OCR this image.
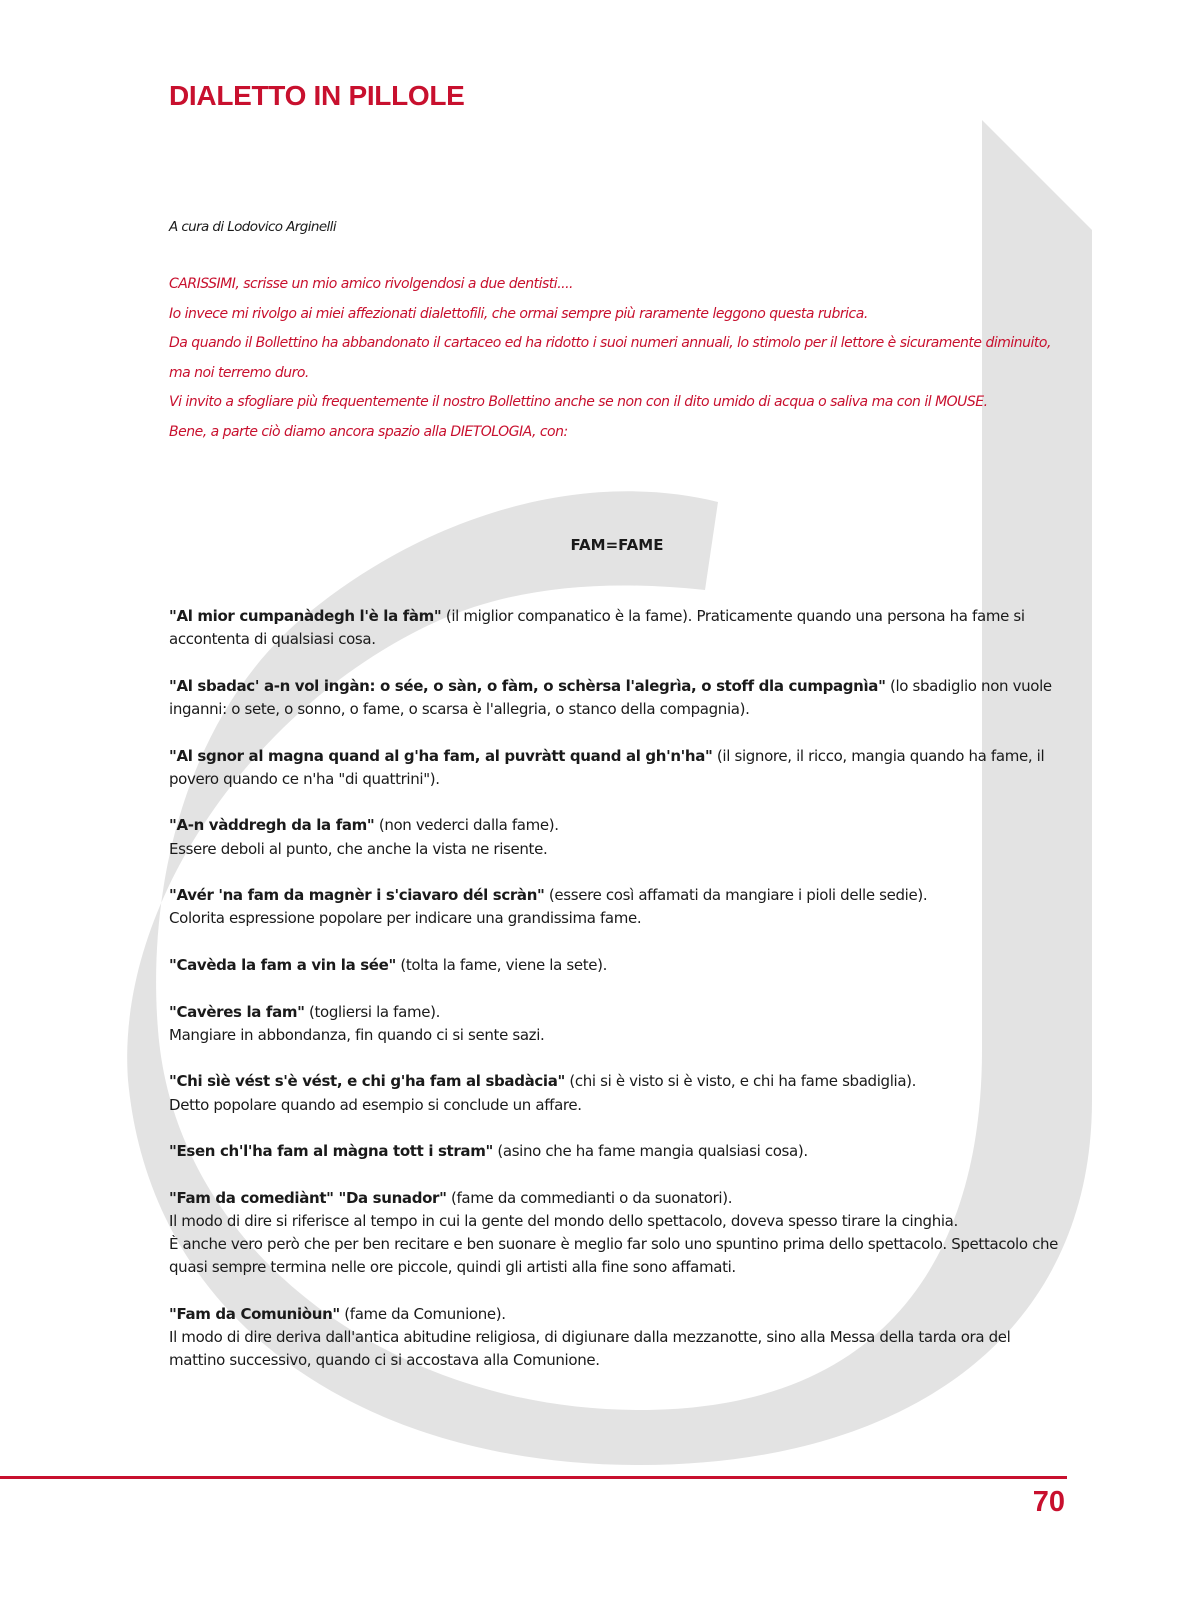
DIALETTO IN PILLOLE

A cura di Lodovico Arginelli

CARISSIMI, scrisse un mio amico rivolgendosi a due dentisti....

Io invece mi rivolgo ai miei affezionati dialettofili, che ormai sempre più raramente leggono questa rubrica.

Da quando il Bollettino ha abbandonato il cartaceo ed ha ridotto i suoi numeri annuali, lo stimolo per il lettore è sicuramente diminuito, ma noi terremo duro.

Vi invito a sfogliare più frequentemente il nostro Bollettino anche se non con il dito umido di acqua o saliva ma con il MOUSE.

Bene, a parte ciò diamo ancora spazio alla DIETOLOGIA, con:

FAM=FAME

"Al mior cumpanàdegh l'è la fàm" (il miglior companatico è la fame). Praticamente quando una persona ha fame si accontenta di qualsiasi cosa.

"Al sbadac' a-n vol ingàn: o sée, o sàn, o fàm, o schèrsa l'alegrìa, o stoff dla cumpagnìa" (lo sbadiglio non vuole inganni: o sete, o sonno, o fame, o scarsa è l'allegria, o stanco della compagnia).

"Al sgnor al magna quand al g'ha fam, al puvràtt quand al gh'n'ha" (il signore, il ricco, mangia quando ha fame, il povero quando ce n'ha "di quattrini").

"A-n vàddregh da la fam" (non vederci dalla fame).

Essere deboli al punto, che anche la vista ne risente.

"Avér 'na fam da magnèr i s'ciavaro dél scràn" (essere così affamati da mangiare i pioli delle sedie).

Colorita espressione popolare per indicare una grandissima fame.

"Cavèda la fam a vin la sée" (tolta la fame, viene la sete).

"Cavères la fam" (togliersi la fame).

Mangiare in abbondanza, fin quando ci si sente sazi.

"Chi sìè vést s'è vést, e chi g'ha fam al sbadàcia" (chi si è visto si è visto, e chi ha fame sbadiglia).

Detto popolare quando ad esempio si conclude un affare.

"Esen ch'l'ha fam al màgna tott i stram" (asino che ha fame mangia qualsiasi cosa).

"Fam da comediànt" "Da sunador" (fame da commedianti o da suonatori).

Il modo di dire si riferisce al tempo in cui la gente del mondo dello spettacolo, doveva spesso tirare la cinghia.

È anche vero però che per ben recitare e ben suonare è meglio far solo uno spuntino prima dello spettacolo. Spettacolo che quasi sempre termina nelle ore piccole, quindi gli artisti alla fine sono affamati.

"Fam da Comuniòun" (fame da Comunione).

Il modo di dire deriva dall'antica abitudine religiosa, di digiunare dalla mezzanotte, sino alla Messa della tarda ora del mattino successivo, quando ci si accostava alla Comunione.

70
